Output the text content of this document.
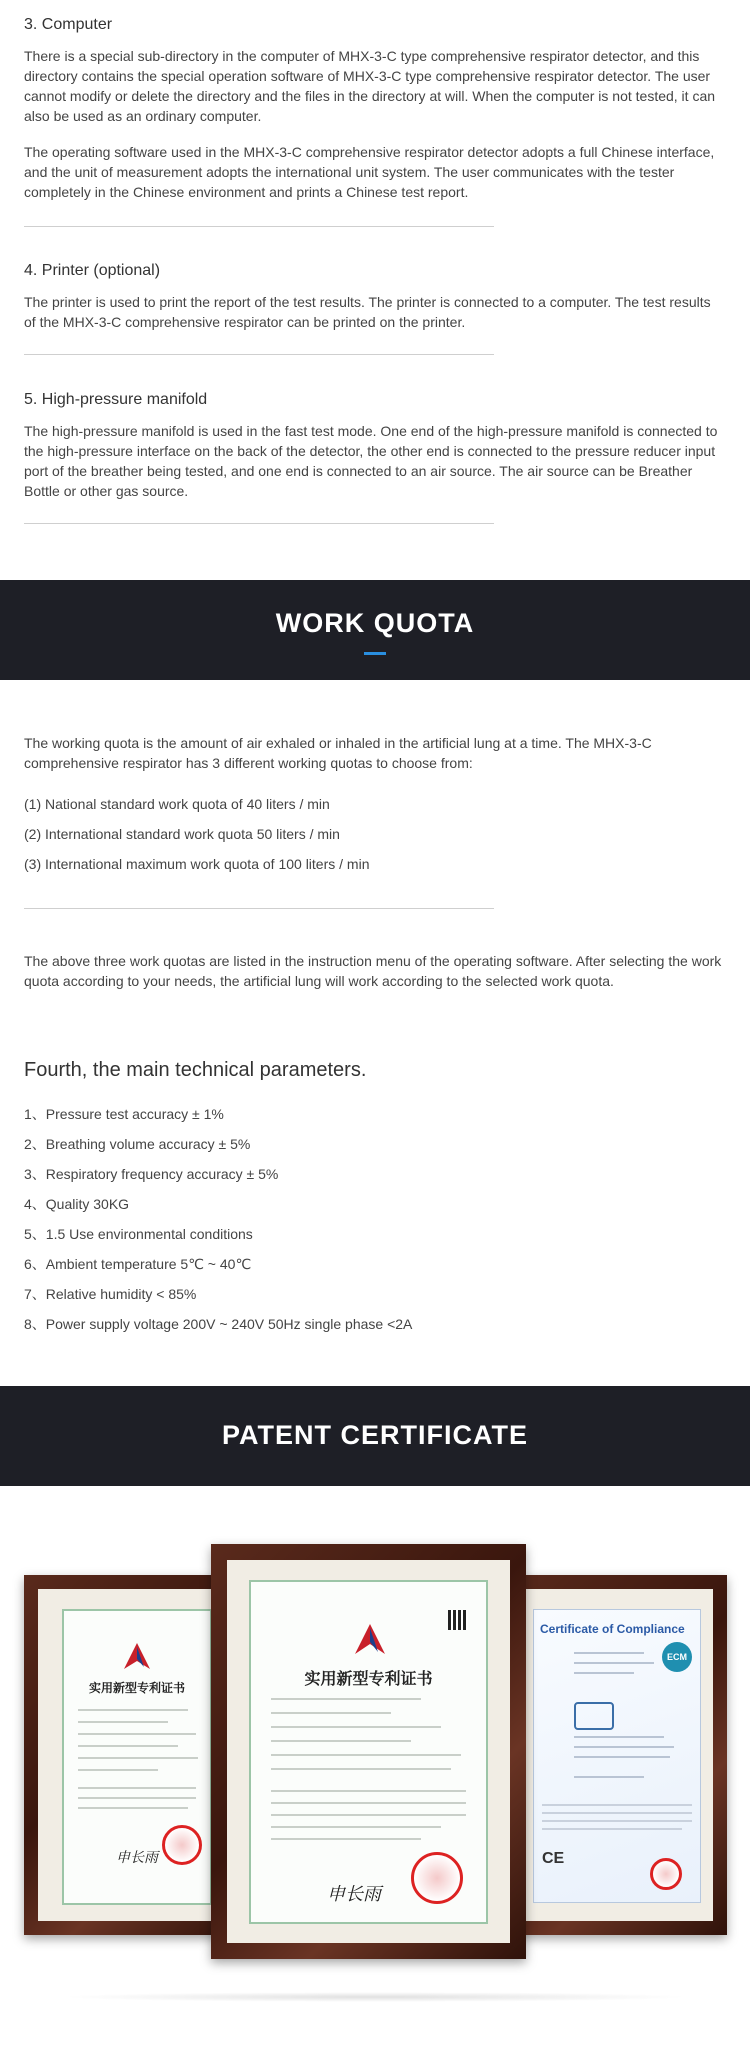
3. Computer

There is a special sub-directory in the computer of MHX-3-C type comprehensive respirator detector, and this directory contains the special operation software of MHX-3-C type comprehensive respirator detector. The user cannot modify or delete the directory and the files in the directory at will. When the computer is not tested, it can also be used as an ordinary computer.

The operating software used in the MHX-3-C comprehensive respirator detector adopts a full Chinese interface, and the unit of measurement adopts the international unit system. The user communicates with the tester completely in the Chinese environment and prints a Chinese test report.

4. Printer (optional)

The printer is used to print the report of the test results. The printer is connected to a computer. The test results of the MHX-3-C comprehensive respirator can be printed on the printer.

5. High-pressure manifold

The high-pressure manifold is used in the fast test mode. One end of the high-pressure manifold is connected to the high-pressure interface on the back of the detector, the other end is connected to the pressure reducer input port of the breather being tested, and one end is connected to an air source. The air source can be Breather Bottle or other gas source.

WORK QUOTA

The working quota is the amount of air exhaled or inhaled in the artificial lung at a time. The MHX-3-C comprehensive respirator has 3 different working quotas to choose from:

(1) National standard work quota of 40 liters / min

(2) International standard work quota 50 liters / min

(3) International maximum work quota of 100 liters / min

The above three work quotas are listed in the instruction menu of the operating software. After selecting the work quota according to your needs, the artificial lung will work according to the selected work quota.

Fourth, the main technical parameters.

1、Pressure test accuracy ± 1%

2、Breathing volume accuracy ± 5%

3、Respiratory frequency accuracy ± 5%

4、Quality 30KG

5、1.5 Use environmental conditions

6、Ambient temperature 5℃ ~ 40℃

7、Relative humidity < 85%

8、Power supply voltage 200V ~ 240V 50Hz single phase <2A

PATENT CERTIFICATE
实用新型专利证书
申长雨
Certificate of Compliance
ECM
CE
实用新型专利证书
申长雨
